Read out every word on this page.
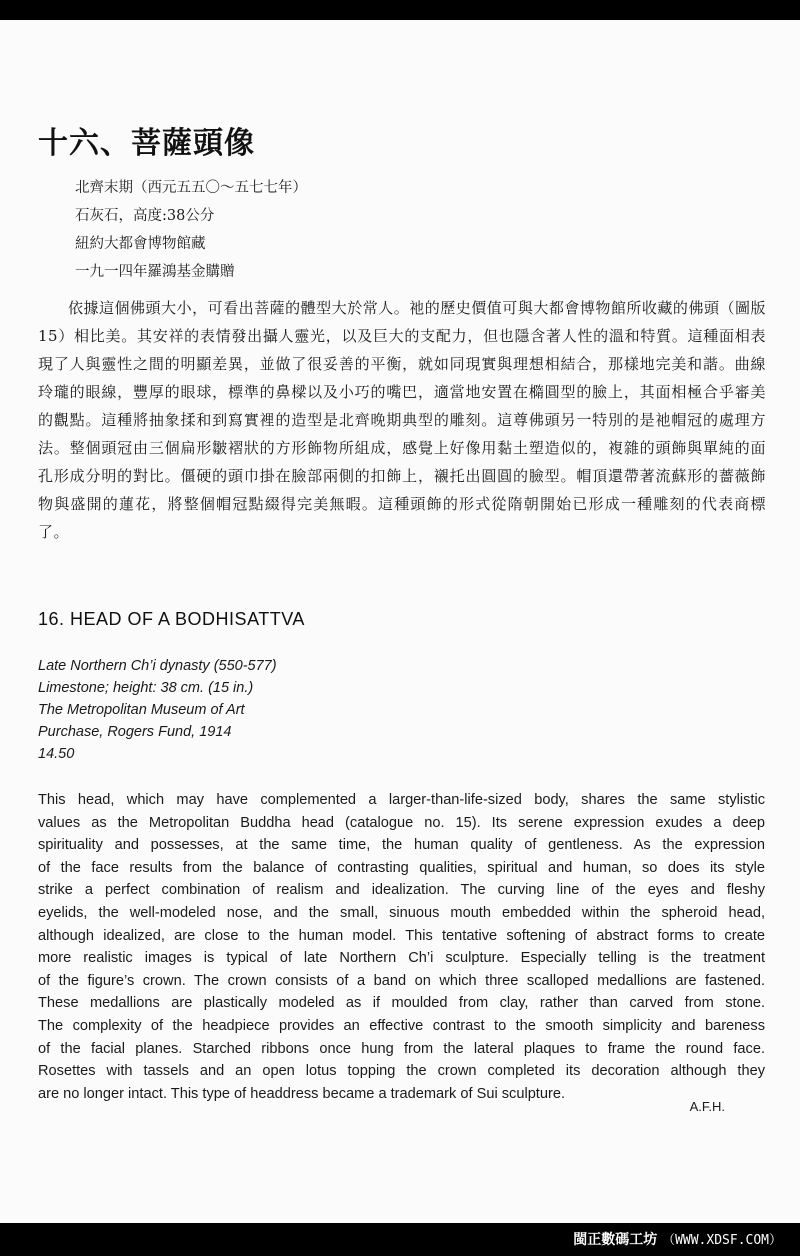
十六、菩薩頭像
北齊末期（西元五五〇～五七七年）
石灰石，高度:38公分
紐約大都會博物館藏
一九一四年羅鴻基金購贈
依據這個佛頭大小，可看出菩薩的體型大於常人。祂的歷史價值可與大都會博物館所收藏的佛頭（圖版15）相比美。其安祥的表情發出攝人靈光，以及巨大的支配力，但也隱含著人性的溫和特質。這種面相表現了人與靈性之間的明顯差異，並做了很妥善的平衡，就如同現實與理想相結合，那樣地完美和諧。曲線玲瓏的眼線，豐厚的眼球，標準的鼻樑以及小巧的嘴巴，適當地安置在橢圓型的臉上，其面相極合乎審美的觀點。這種將抽象揉和到寫實裡的造型是北齊晚期典型的雕刻。這尊佛頭另一特別的是祂帽冠的處理方法。整個頭冠由三個扁形皺褶狀的方形飾物所組成，感覺上好像用黏土塑造似的，複雜的頭飾與單純的面孔形成分明的對比。僵硬的頭巾掛在臉部兩側的扣飾上，襯托出圓圓的臉型。帽頂還帶著流蘇形的薔薇飾物與盛開的蓮花，將整個帽冠點綴得完美無暇。這種頭飾的形式從隋朝開始已形成一種雕刻的代表商標了。
16. HEAD OF A BODHISATTVA
Late Northern Ch’i dynasty (550-577)
Limestone; height: 38 cm. (15 in.)
The Metropolitan Museum of Art
Purchase, Rogers Fund, 1914
14.50
This head, which may have complemented a larger-than-life-sized body, shares the same stylistic
values as the Metropolitan Buddha head (catalogue no. 15). Its serene expression exudes a deep
spirituality and possesses, at the same time, the human quality of gentleness. As the expression
of the face results from the balance of contrasting qualities, spiritual and human, so does its style
strike a perfect combination of realism and idealization. The curving line of the eyes and fleshy
eyelids, the well-modeled nose, and the small, sinuous mouth embedded within the spheroid head,
although idealized, are close to the human model. This tentative softening of abstract forms to create
more realistic images is typical of late Northern Ch’i sculpture. Especially telling is the treatment
of the figure’s crown. The crown consists of a band on which three scalloped medallions are fastened.
These medallions are plastically modeled as if moulded from clay, rather than carved from stone.
The complexity of the headpiece provides an effective contrast to the smooth simplicity and bareness
of the facial planes. Starched ribbons once hung from the lateral plaques to frame the round face.
Rosettes with tassels and an open lotus topping the crown completed its decoration although they
are no longer intact. This type of headdress became a trademark of Sui sculpture.
A.F.H.
閩正數碼工坊 （WWW.XDSF.COM）
